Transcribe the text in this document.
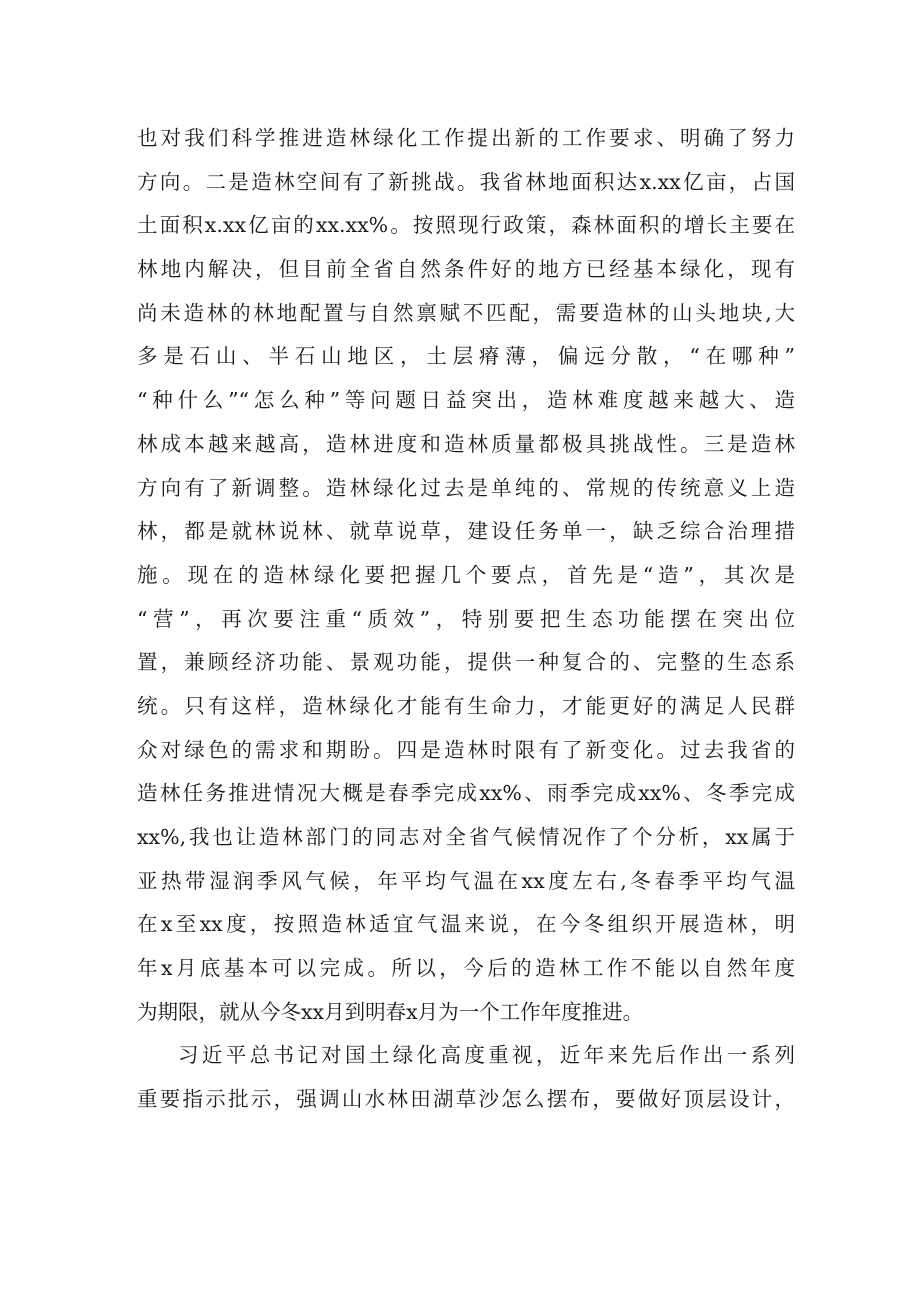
也对我们科学推进造林绿化工作提出新的工作要求、明确了努力
方向。二是造林空间有了新挑战。我省林地面积达x.xx亿亩，占国
土面积x.xx亿亩的xx.xx%。按照现行政策，森林面积的增长主要在
林地内解决，但目前全省自然条件好的地方已经基本绿化，现有
尚未造林的林地配置与自然禀赋不匹配，需要造林的山头地块,大
多是石山、半石山地区，土层瘠薄，偏远分散，“在哪种”
“种什么”“怎么种”等问题日益突出，造林难度越来越大、造
林成本越来越高，造林进度和造林质量都极具挑战性。三是造林
方向有了新调整。造林绿化过去是单纯的、常规的传统意义上造
林，都是就林说林、就草说草，建设任务单一，缺乏综合治理措
施。现在的造林绿化要把握几个要点，首先是“造”，其次是
“营”，再次要注重“质效”，特别要把生态功能摆在突出位
置，兼顾经济功能、景观功能，提供一种复合的、完整的生态系
统。只有这样，造林绿化才能有生命力，才能更好的满足人民群
众对绿色的需求和期盼。四是造林时限有了新变化。过去我省的
造林任务推进情况大概是春季完成xx%、雨季完成xx%、冬季完成
xx%,我也让造林部门的同志对全省气候情况作了个分析，xx属于
亚热带湿润季风气候，年平均气温在xx度左右,冬春季平均气温
在x至xx度，按照造林适宜气温来说，在今冬组织开展造林，明
年x月底基本可以完成。所以，今后的造林工作不能以自然年度
为期限，就从今冬xx月到明春x月为一个工作年度推进。
习近平总书记对国土绿化高度重视，近年来先后作出一系列
重要指示批示，强调山水林田湖草沙怎么摆布，要做好顶层设计，
